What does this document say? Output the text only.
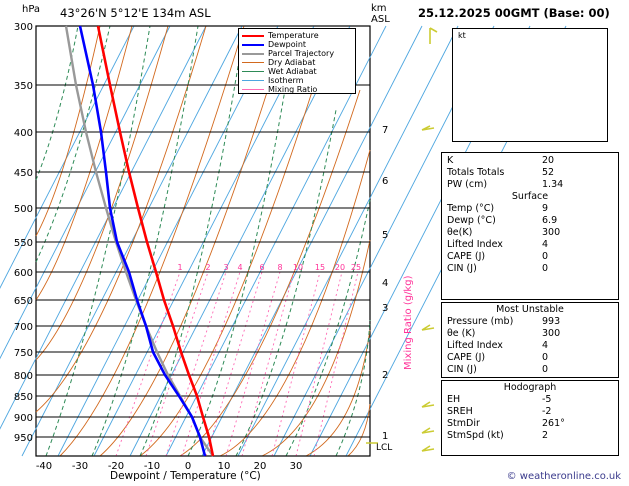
1
2
3
4
5
6
7
LCL
300
350
400
450
500
550
600
650
700
750
800
850
900
950
-40 -30 -20 -10 0	10 20 30
1	2 3 4 6 8 10 15 20 25
Mixing Ratio (g/kg)
hPa 43°26'N 5°12'E 134m ASL	25.12.2025 00GMT (Base: 00)
km
ASL
Dewpoint / Temperature (°C)
Temperature
Dewpoint
Parcel Trajectory
Dry Adiabat
Wet Adiabat
Isotherm
Mixing Ratio
kt
K	20
Totals Totals	52
PW (cm)	1.34
Surface
Temp (°C)	9
Dewp (°C)	6.9
θe(K)	300
Lifted Index	4
CAPE (J)	0
CIN (J)	0
Most Unstable
Pressure (mb)	993
θe (K)	300
Lifted Index	4
CAPE (J)	0
CIN (J)	0
Hodograph
EH	-5
SREH	-2
StmDir	261°
StmSpd (kt)	2
© weatheronline.co.uk
